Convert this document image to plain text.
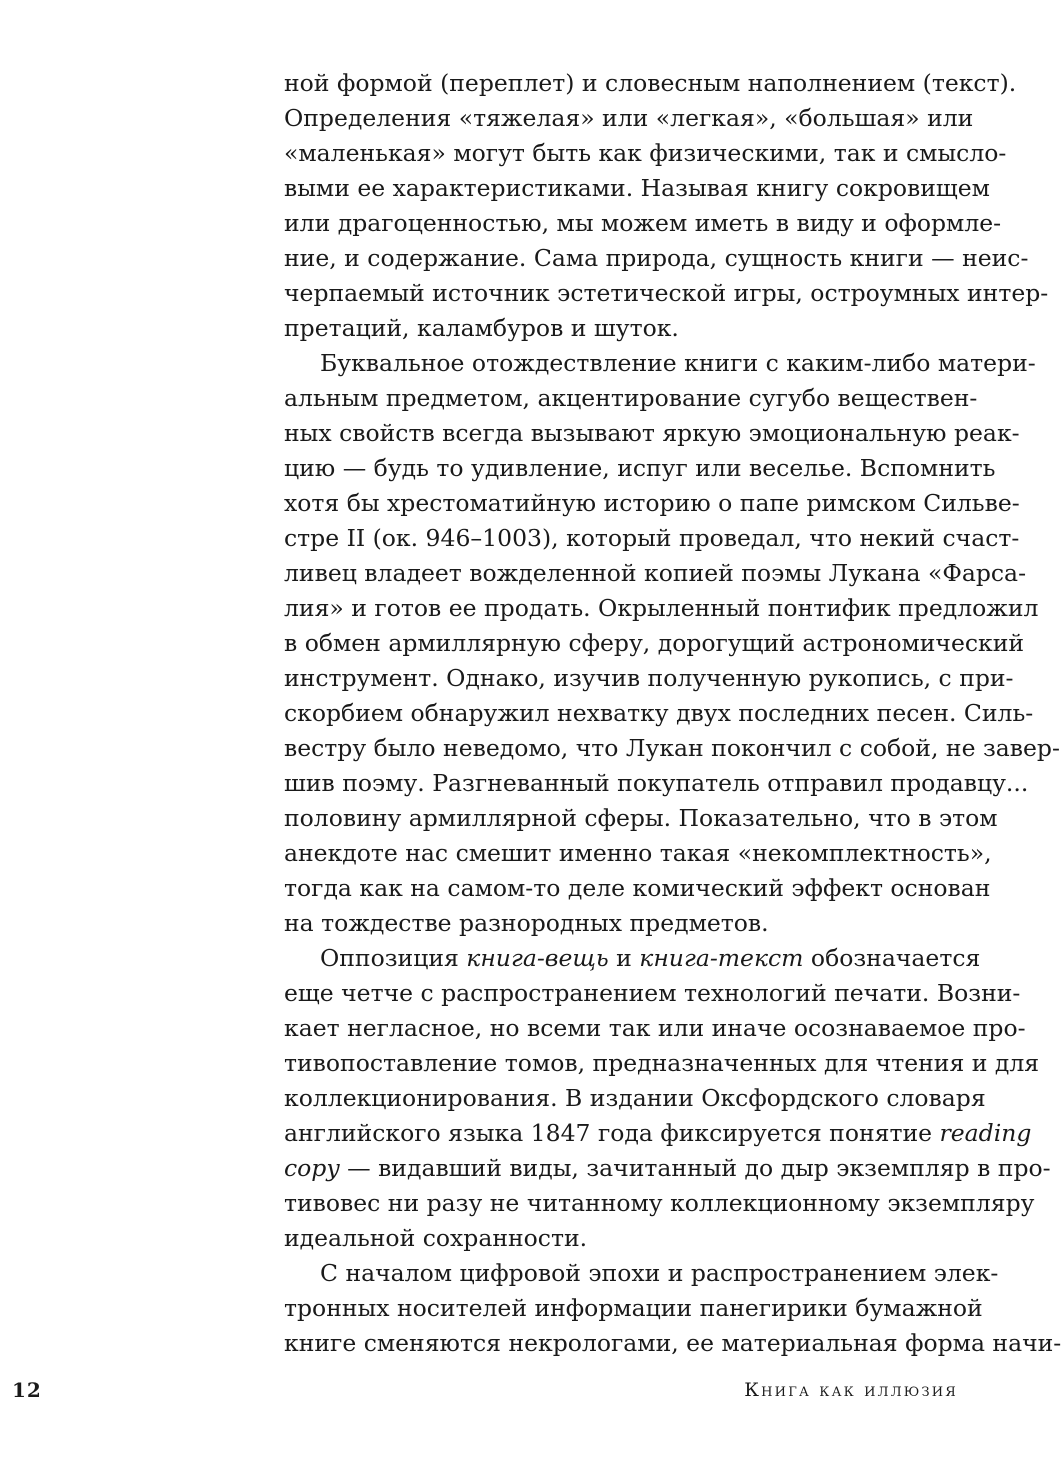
ной формой (переплет) и словесным наполнением (текст).
Определения «тяжелая» или «легкая», «большая» или
«маленькая» могут быть как физическими, так и смысло-
выми ее характеристиками. Называя книгу сокровищем
или драгоценностью, мы можем иметь в виду и оформле-
ние, и содержание. Сама природа, сущность книги — неис-
черпаемый источник эстетической игры, остроумных интер-
претаций, каламбуров и шуток.
Буквальное отождествление книги с каким-либо матери-
альным предметом, акцентирование сугубо веществен-
ных свойств всегда вызывают яркую эмоциональную реак-
цию — будь то удивление, испуг или веселье. Вспомнить
хотя бы хрестоматийную историю о папе римском Сильве-
стре II (ок. 946–1003), который проведал, что некий счаст-
ливец владеет вожделенной копией поэмы Лукана «Фарса-
лия» и готов ее продать. Окрыленный понтифик предложил
в обмен армиллярную сферу, дорогущий астрономический
инструмент. Однако, изучив полученную рукопись, с при-
скорбием обнаружил нехватку двух последних песен. Силь-
вестру было неведомо, что Лукан покончил с собой, не завер-
шив поэму. Разгневанный покупатель отправил продавцу...
половину армиллярной сферы. Показательно, что в этом
анекдоте нас смешит именно такая «некомплектность»,
тогда как на самом-то деле комический эффект основан
на тождестве разнородных предметов.
Оппозиция книга-вещь и книга-текст обозначается
еще четче с распространением технологий печати. Возни-
кает негласное, но всеми так или иначе осознаваемое про-
тивопоставление томов, предназначенных для чтения и для
коллекционирования. В издании Оксфордского словаря
английского языка 1847 года фиксируется понятие reading
copy — видавший виды, зачитанный до дыр экземпляр в про-
тивовес ни разу не читанному коллекционному экземпляру
идеальной сохранности.
С началом цифровой эпохи и распространением элек-
тронных носителей информации панегирики бумажной
книге сменяются некрологами, ее материальная форма начи-
12	Книга как иллюзия
